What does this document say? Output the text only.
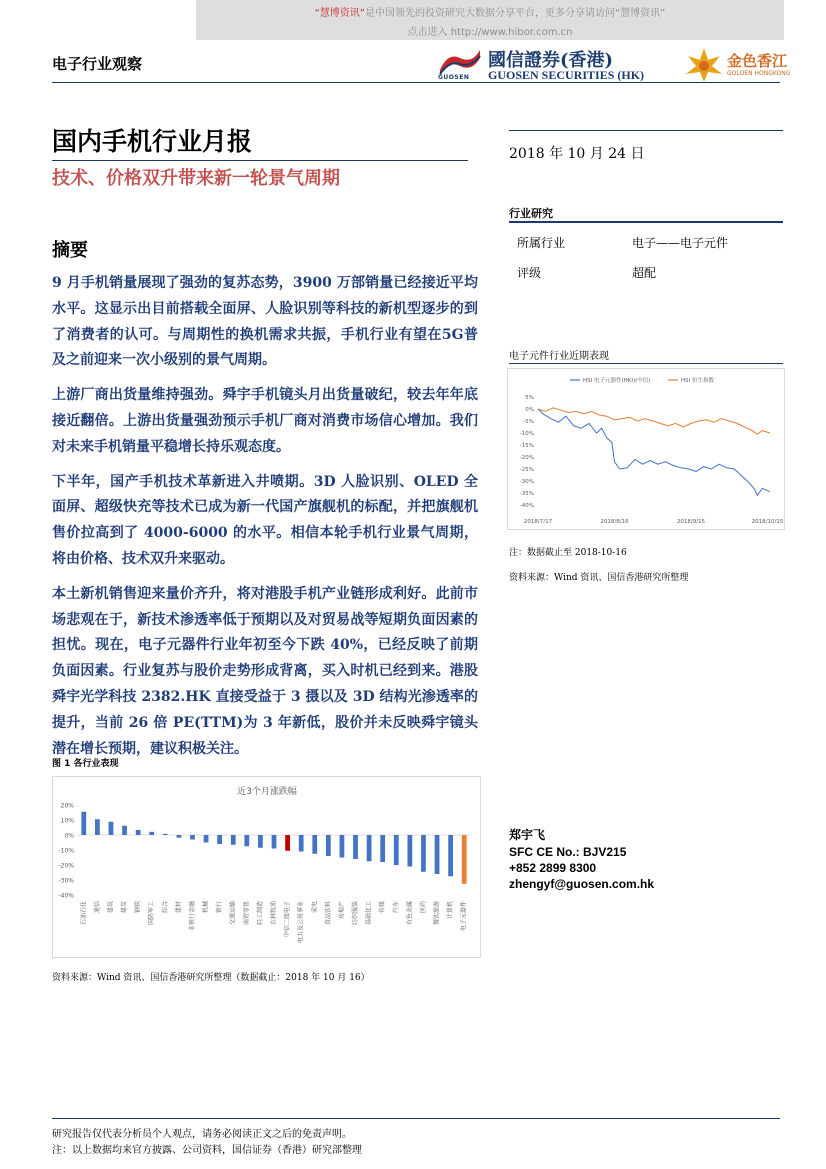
“慧博资讯”是中国领先的投资研究大数据分享平台，更多分享请访问“慧博资讯”
点击进入 http://www.hibor.com.cn
电子行业观察
GUOSEN
國信證券(香港)
GUOSEN SECURITIES (HK)
金色香江
GOLDEN HONGKONG
国内手机行业月报
技术、价格双升带来新一轮景气周期
2018 年 10 月 24 日
摘要

9 月手机销量展现了强劲的复苏态势，3900 万部销量已经接近平均水平。这显示出目前搭载全面屏、人脸识别等科技的新机型逐步的到了消费者的认可。与周期性的换机需求共振，手机行业有望在5G普及之前迎来一次小级别的景气周期。

上游厂商出货量维持强劲。舜宇手机镜头月出货量破纪，较去年年底接近翻倍。上游出货量强劲预示手机厂商对消费市场信心增加。我们对未来手机销量平稳增长持乐观态度。

下半年，国产手机技术革新进入井喷期。3D 人脸识别、OLED 全面屏、超级快充等技术已成为新一代国产旗舰机的标配，并把旗舰机售价拉高到了 4000-6000 的水平。相信本轮手机行业景气周期，将由价格、技术双升来驱动。

本土新机销售迎来量价齐升，将对港股手机产业链形成利好。此前市场悲观在于，新技术渗透率低于预期以及对贸易战等短期负面因素的担忧。现在，电子元器件行业年初至今下跌 40%，已经反映了前期负面因素。行业复苏与股价走势形成背离，买入时机已经到来。港股舜宇光学科技 2382.HK 直接受益于 3 摄以及 3D 结构光渗透率的提升，当前 26 倍 PE(TTM)为 3 年新低，股价并未反映舜宇镜头潜在增长预期，建议积极关注。

图 1 各行业表现
近3个月涨跌幅
20%
10%
0%
-10%
-20%
-30%
-40%
石油石化 通信 建筑 煤炭 钢铁 国防军工 综合 建材 非银行金融 机械 银行 交通运输 商贸零售 轻工制造 农林牧渔 中信二级电子 电力及公用事业 家电 食品饮料 房地产 纺织服装 基础化工 传媒 汽车 有色金属 医药 餐饮旅游 计算机 电子元器件
资料来源：Wind 资讯、国信香港研究所整理（数据截止：2018 年 10 月 16）
行业研究
所属行业	电子——电子元件
评级	超配
电子元件行业近期表现
5%
0%
-5%
-10%
-15%
-20%
-25%
-30%
-35%
-40%
2018/7/17	2018/8/16	2018/9/15	2018/10/15
HSI 电子元器件(HKI)(中信)	HSI 恒生指数
注：数据截止至 2018-10-16
资料来源：Wind 资讯、国信香港研究所整理
郑宇飞
SFC CE No.: BJV215
+852 2899 8300
zhengyf@guosen.com.hk
研究报告仅代表分析员个人观点，请务必阅读正文之后的免责声明。
注：以上数据均来官方披露、公司资料，国信证券（香港）研究部整理
